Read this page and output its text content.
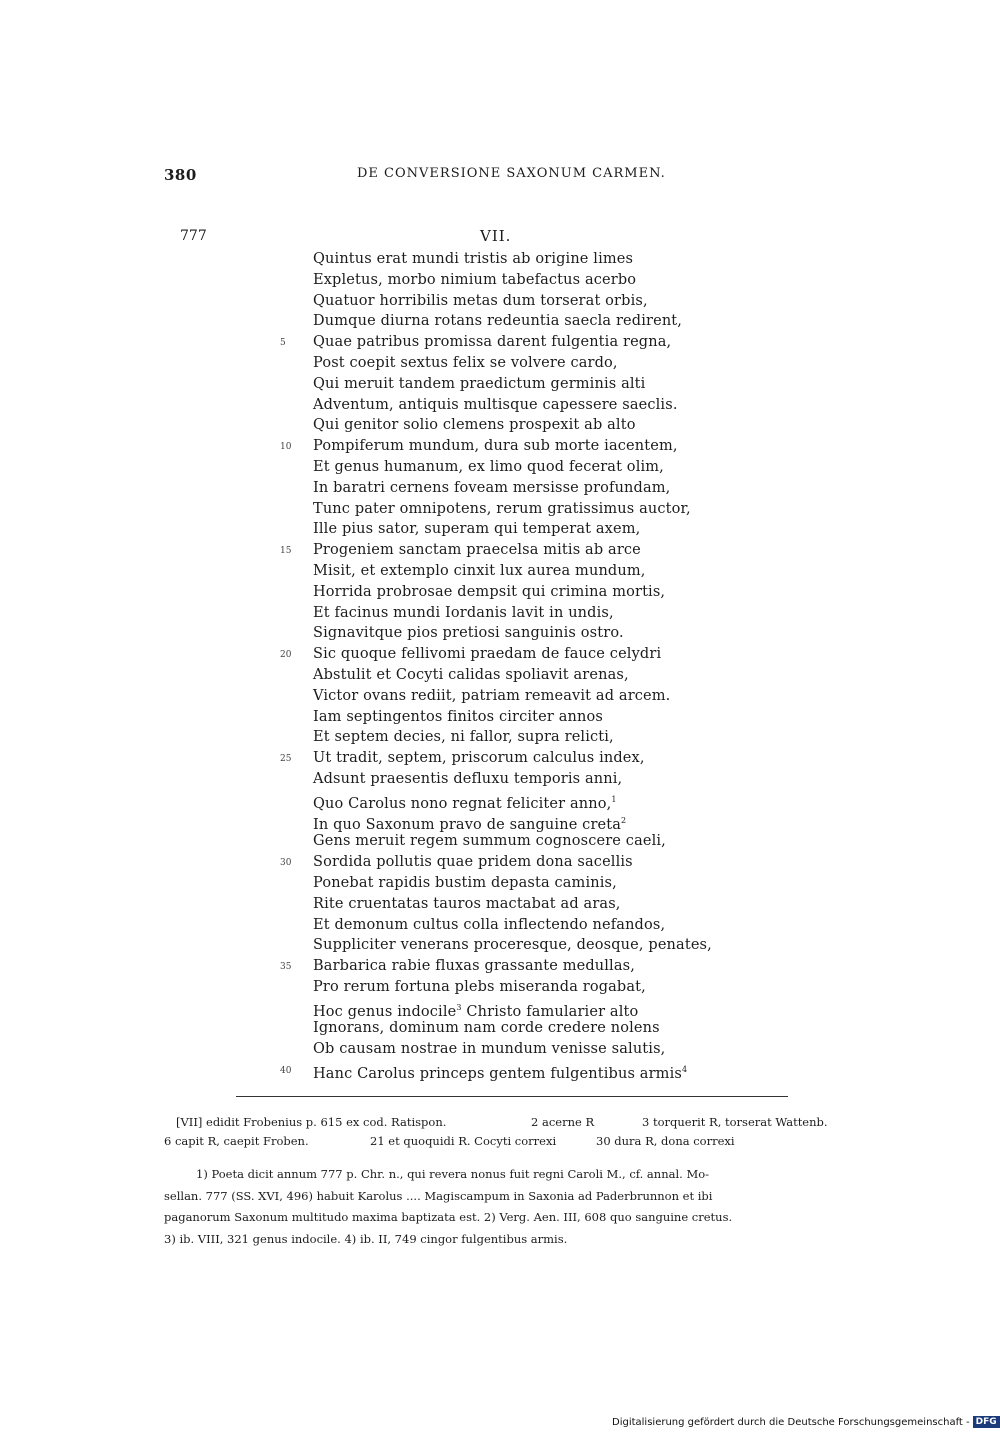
380	DE CONVERSIONE SAXONUM CARMEN.
777	VII.
Quintus erat mundi tristis ab origine limes
Expletus, morbo nimium tabefactus acerbo
Quatuor horribilis metas dum torserat orbis,
Dumque diurna rotans redeuntia saecla redirent,
5 Quae patribus promissa darent fulgentia regna,
Post coepit sextus felix se volvere cardo,
Qui meruit tandem praedictum germinis alti
Adventum, antiquis multisque capessere saeclis.
Qui genitor solio clemens prospexit ab alto
10 Pompiferum mundum, dura sub morte iacentem,
Et genus humanum, ex limo quod fecerat olim,
In baratri cernens foveam mersisse profundam,
Tunc pater omnipotens, rerum gratissimus auctor,
Ille pius sator, superam qui temperat axem,
15 Progeniem sanctam praecelsa mitis ab arce
Misit, et extemplo cinxit lux aurea mundum,
Horrida probrosae dempsit qui crimina mortis,
Et facinus mundi Iordanis lavit in undis,
Signavitque pios pretiosi sanguinis ostro.
20 Sic quoque fellivomi praedam de fauce celydri
Abstulit et Cocyti calidas spoliavit arenas,
Victor ovans rediit, patriam remeavit ad arcem.
Iam septingentos finitos circiter annos
Et septem decies, ni fallor, supra relicti,
25 Ut tradit, septem, priscorum calculus index,
Adsunt praesentis defluxu temporis anni,
Quo Carolus nono regnat feliciter anno,$^1$
In quo Saxonum pravo de sanguine creta$^2$
Gens meruit regem summum cognoscere caeli,
30 Sordida pollutis quae pridem dona sacellis
Ponebat rapidis bustim depasta caminis,
Rite cruentatas tauros mactabat ad aras,
Et demonum cultus colla inflectendo nefandos,
Suppliciter venerans proceresque, deosque, penates,
35 Barbarica rabie fluxas grassante medullas,
Pro rerum fortuna plebs miseranda rogabat,
Hoc genus indocile$^3$ Christo famularier alto
Ignorans, dominum nam corde credere nolens
Ob causam nostrae in mundum venisse salutis,
40 Hanc Carolus princeps gentem fulgentibus armis$^4$
[VII] edidit Frobenius p. 615 ex cod. Ratispon.	2 acerne R	3 torquerit R, torserat Wattenb.
6 capit R, caepit Froben.	21 et quoquidi R. Cocyti correxi	30 dura R, dona correxi
1) Poeta dicit annum 777 p. Chr. n., qui revera nonus fuit regni Caroli M., cf. annal. Mo-
sellan. 777 (SS. XVI, 496) habuit Karolus .... Magiscampum in Saxonia ad Paderbrunnon et ibi
paganorum Saxonum multitudo maxima baptizata est. 2) Verg. Aen. III, 608 quo sanguine cretus.
3) ib. VIII, 321 genus indocile. 4) ib. II, 749 cingor fulgentibus armis.
Digitalisierung gefördert durch die Deutsche Forschungsgemeinschaft - DFG
